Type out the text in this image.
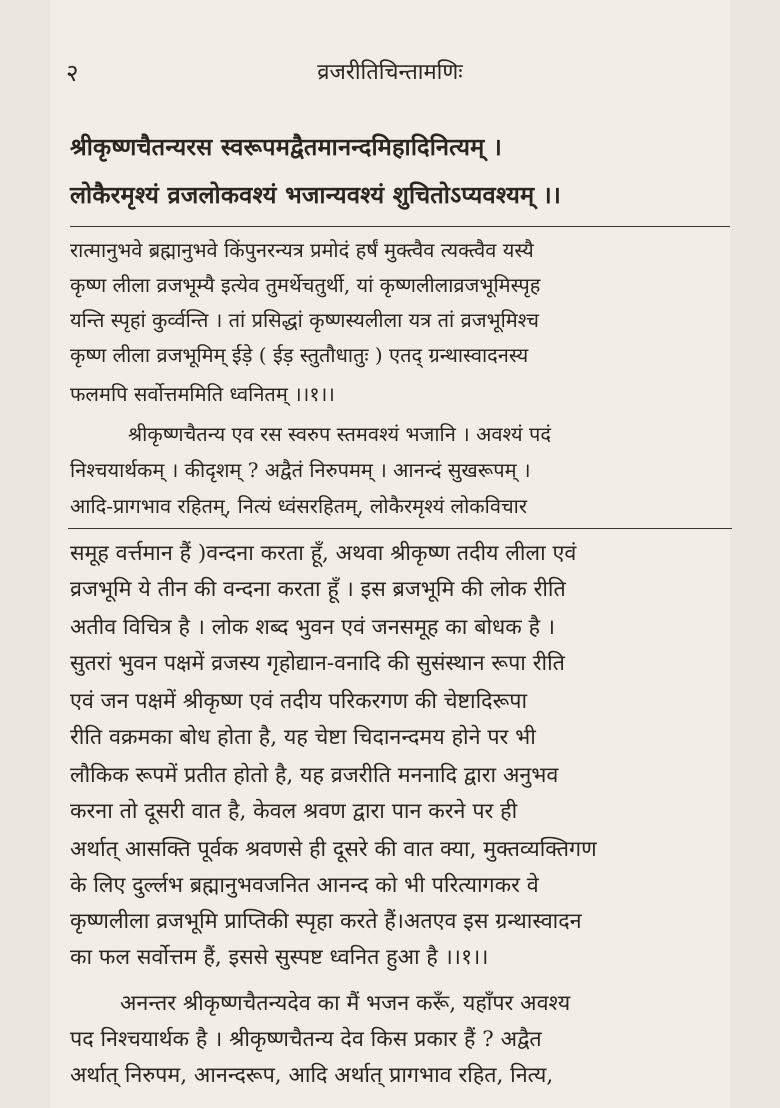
२	व्रजरीतिचिन्तामणिः
श्रीकृष्णचैतन्यरस स्वरूपमद्वैतमानन्दमिहादिनित्यम् ।
लोकैरमृश्यं व्रजलोकवश्यं भजान्यवश्यं शुचितोऽप्यवश्यम् ।।
रात्मानुभवे ब्रह्मानुभवे किंपुनरन्यत्र प्रमोदं हर्षं मुक्त्वैव त्यक्त्वैव यस्यै
कृष्ण लीला व्रजभूम्यै इत्येव तुमर्थेचतुर्थी, यां कृष्णलीलाव्रजभूमिस्पृह
यन्ति स्पृहां कुर्व्वन्ति । तां प्रसिद्धां कृष्णस्यलीला यत्र तां व्रजभूमिश्च
कृष्ण लीला व्रजभूमिम् ईड़े ( ईड़ स्तुतौधातुः ) एतद् ग्रन्थास्वादनस्य
फलमपि सर्वोत्तममिति ध्वनितम् ।।१।।
श्रीकृष्णचैतन्य एव रस स्वरुप स्तमवश्यं भजानि । अवश्यं पदं
निश्चयार्थकम् । कीदृशम् ? अद्वैतं निरुपमम् । आनन्दं सुखरूपम् ।
आदि-प्रागभाव रहितम्, नित्यं ध्वंसरहितम्, लोकैरमृश्यं लोकविचार
समूह वर्त्तमान हैं )वन्दना करता हूँ, अथवा श्रीकृष्ण तदीय लीला एवं
व्रजभूमि ये तीन की वन्दना करता हूँ । इस ब्रजभूमि की लोक रीति
अतीव विचित्र है । लोक शब्द भुवन एवं जनसमूह का बोधक है ।
सुतरां भुवन पक्षमें व्रजस्य गृहोद्यान-वनादि की सुसंस्थान रूपा रीति
एवं जन पक्षमें श्रीकृष्ण एवं तदीय परिकरगण की चेष्टादिरूपा
रीति वक्रमका बोध होता है, यह चेष्टा चिदानन्दमय होने पर भी
लौकिक रूपमें प्रतीत होतो है, यह व्रजरीति मननादि द्वारा अनुभव
करना तो दूसरी वात है, केवल श्रवण द्वारा पान करने पर ही
अर्थात् आसक्ति पूर्वक श्रवणसे ही दूसरे की वात क्या, मुक्तव्यक्तिगण
के लिए दुर्ल्लभ ब्रह्मानुभवजनित आनन्द को भी परित्यागकर वे
कृष्णलीला व्रजभूमि प्राप्तिकी स्पृहा करते हैं।अतएव इस ग्रन्थास्वादन
का फल सर्वोत्तम हैं, इससे सुस्पष्ट ध्वनित हुआ है ।।१।।
अनन्तर श्रीकृष्णचैतन्यदेव का मैं भजन करूँ, यहाँपर अवश्य
पद निश्चयार्थक है । श्रीकृष्णचैतन्य देव किस प्रकार हैं ? अद्वैत
अर्थात् निरुपम, आनन्दरूप, आदि अर्थात् प्रागभाव रहित, नित्य,
